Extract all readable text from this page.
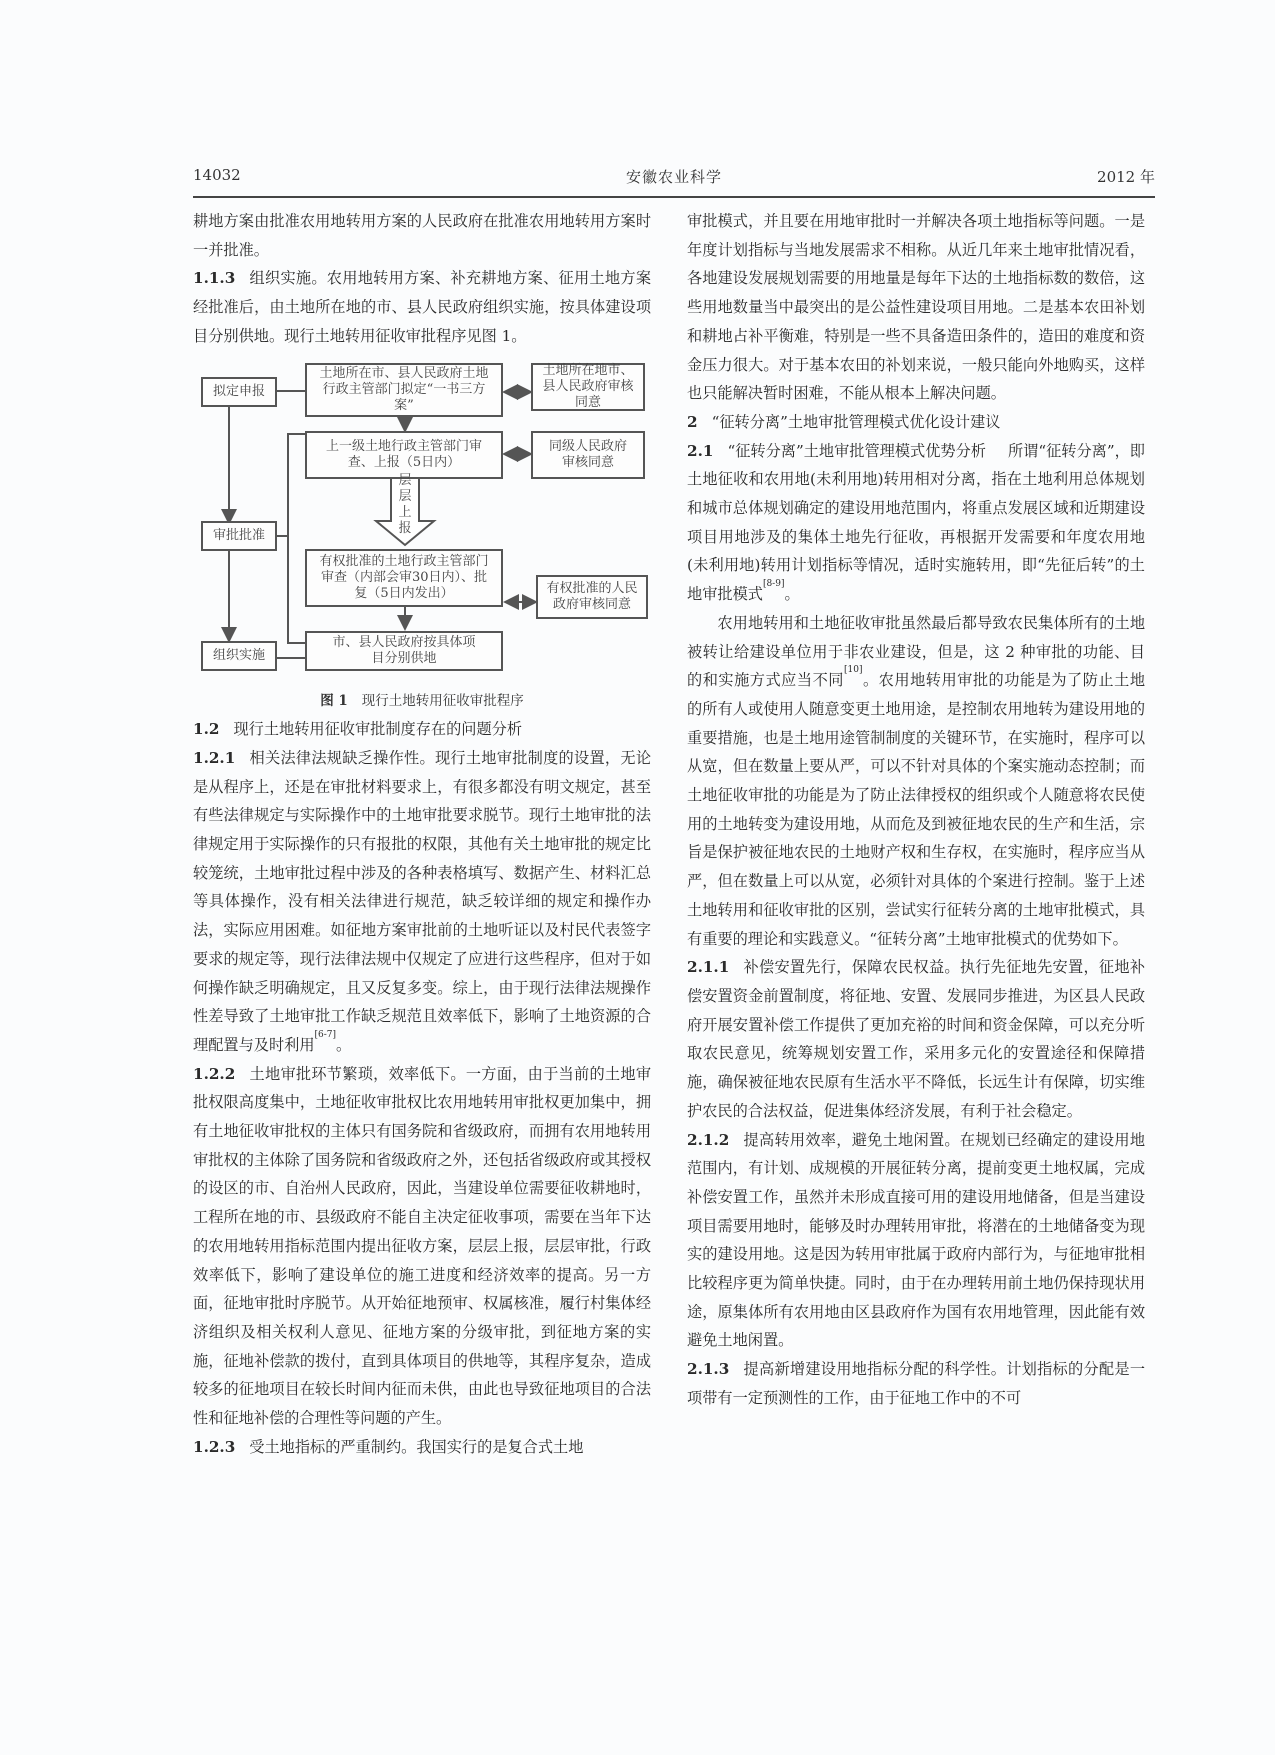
14032	安徽农业科学	2012 年

耕地方案由批准农用地转用方案的人民政府在批准农用地转用方案时一并批准。

1.1.3 组织实施。农用地转用方案、补充耕地方案、征用土地方案经批准后，由土地所在地的市、县人民政府组织实施，按具体建设项目分别供地。现行土地转用征收审批程序见图 1。

拟定申报
审批批准
组织实施
土地所在市、县人民政府土地行政主管部门拟定“一书三方案”
土地所在地市、县人民政府审核同意
上一级土地行政主管部门审查、上报（5日内）
同级人民政府审核同意
层层上报
有权批准的土地行政主管部门审查（内部会审30日内）、批复（5日内发出）	有权批准的人民政府审核同意
市、县人民政府按具体项目分别供地

图 1 现行土地转用征收审批程序

1.2 现行土地转用征收审批制度存在的问题分析

1.2.1 相关法律法规缺乏操作性。现行土地审批制度的设置，无论是从程序上，还是在审批材料要求上，有很多都没有明文规定，甚至有些法律规定与实际操作中的土地审批要求脱节。现行土地审批的法律规定用于实际操作的只有报批的权限，其他有关土地审批的规定比较笼统，土地审批过程中涉及的各种表格填写、数据产生、材料汇总等具体操作，没有相关法律进行规范，缺乏较详细的规定和操作办法，实际应用困难。如征地方案审批前的土地听证以及村民代表签字要求的规定等，现行法律法规中仅规定了应进行这些程序，但对于如何操作缺乏明确规定，且又反复多变。综上，由于现行法律法规操作性差导致了土地审批工作缺乏规范且效率低下，影响了土地资源的合理配置与及时利用[6-7]。

1.2.2 土地审批环节繁琐，效率低下。一方面，由于当前的土地审批权限高度集中，土地征收审批权比农用地转用审批权更加集中，拥有土地征收审批权的主体只有国务院和省级政府，而拥有农用地转用审批权的主体除了国务院和省级政府之外，还包括省级政府或其授权的设区的市、自治州人民政府，因此，当建设单位需要征收耕地时，工程所在地的市、县级政府不能自主决定征收事项，需要在当年下达的农用地转用指标范围内提出征收方案，层层上报，层层审批，行政效率低下，影响了建设单位的施工进度和经济效率的提高。另一方面，征地审批时序脱节。从开始征地预审、权属核准，履行村集体经济组织及相关权利人意见、征地方案的分级审批，到征地方案的实施，征地补偿款的拨付，直到具体项目的供地等，其程序复杂，造成较多的征地项目在较长时间内征而未供，由此也导致征地项目的合法性和征地补偿的合理性等问题的产生。

1.2.3 受土地指标的严重制约。我国实行的是复合式土地

审批模式，并且要在用地审批时一并解决各项土地指标等问题。一是年度计划指标与当地发展需求不相称。从近几年来土地审批情况看，各地建设发展规划需要的用地量是每年下达的土地指标数的数倍，这些用地数量当中最突出的是公益性建设项目用地。二是基本农田补划和耕地占补平衡难，特别是一些不具备造田条件的，造田的难度和资金压力很大。对于基本农田的补划来说，一般只能向外地购买，这样也只能解决暂时困难，不能从根本上解决问题。

2 “征转分离”土地审批管理模式优化设计建议

2.1 “征转分离”土地审批管理模式优势分析 所谓“征转分离”，即土地征收和农用地(未利用地)转用相对分离，指在土地利用总体规划和城市总体规划确定的建设用地范围内，将重点发展区域和近期建设项目用地涉及的集体土地先行征收，再根据开发需要和年度农用地(未利用地)转用计划指标等情况，适时实施转用，即“先征后转”的土地审批模式[8-9]。

农用地转用和土地征收审批虽然最后都导致农民集体所有的土地被转让给建设单位用于非农业建设，但是，这 2 种审批的功能、目的和实施方式应当不同[10]。农用地转用审批的功能是为了防止土地的所有人或使用人随意变更土地用途，是控制农用地转为建设用地的重要措施，也是土地用途管制制度的关键环节，在实施时，程序可以从宽，但在数量上要从严，可以不针对具体的个案实施动态控制；而土地征收审批的功能是为了防止法律授权的组织或个人随意将农民使用的土地转变为建设用地，从而危及到被征地农民的生产和生活，宗旨是保护被征地农民的土地财产权和生存权，在实施时，程序应当从严，但在数量上可以从宽，必须针对具体的个案进行控制。鉴于上述土地转用和征收审批的区别，尝试实行征转分离的土地审批模式，具有重要的理论和实践意义。“征转分离”土地审批模式的优势如下。

2.1.1 补偿安置先行，保障农民权益。执行先征地先安置，征地补偿安置资金前置制度，将征地、安置、发展同步推进，为区县人民政府开展安置补偿工作提供了更加充裕的时间和资金保障，可以充分听取农民意见，统筹规划安置工作，采用多元化的安置途径和保障措施，确保被征地农民原有生活水平不降低，长远生计有保障，切实维护农民的合法权益，促进集体经济发展，有利于社会稳定。

2.1.2 提高转用效率，避免土地闲置。在规划已经确定的建设用地范围内，有计划、成规模的开展征转分离，提前变更土地权属，完成补偿安置工作，虽然并未形成直接可用的建设用地储备，但是当建设项目需要用地时，能够及时办理转用审批，将潜在的土地储备变为现实的建设用地。这是因为转用审批属于政府内部行为，与征地审批相比较程序更为简单快捷。同时，由于在办理转用前土地仍保持现状用途，原集体所有农用地由区县政府作为国有农用地管理，因此能有效避免土地闲置。

2.1.3 提高新增建设用地指标分配的科学性。计划指标的分配是一项带有一定预测性的工作，由于征地工作中的不可
